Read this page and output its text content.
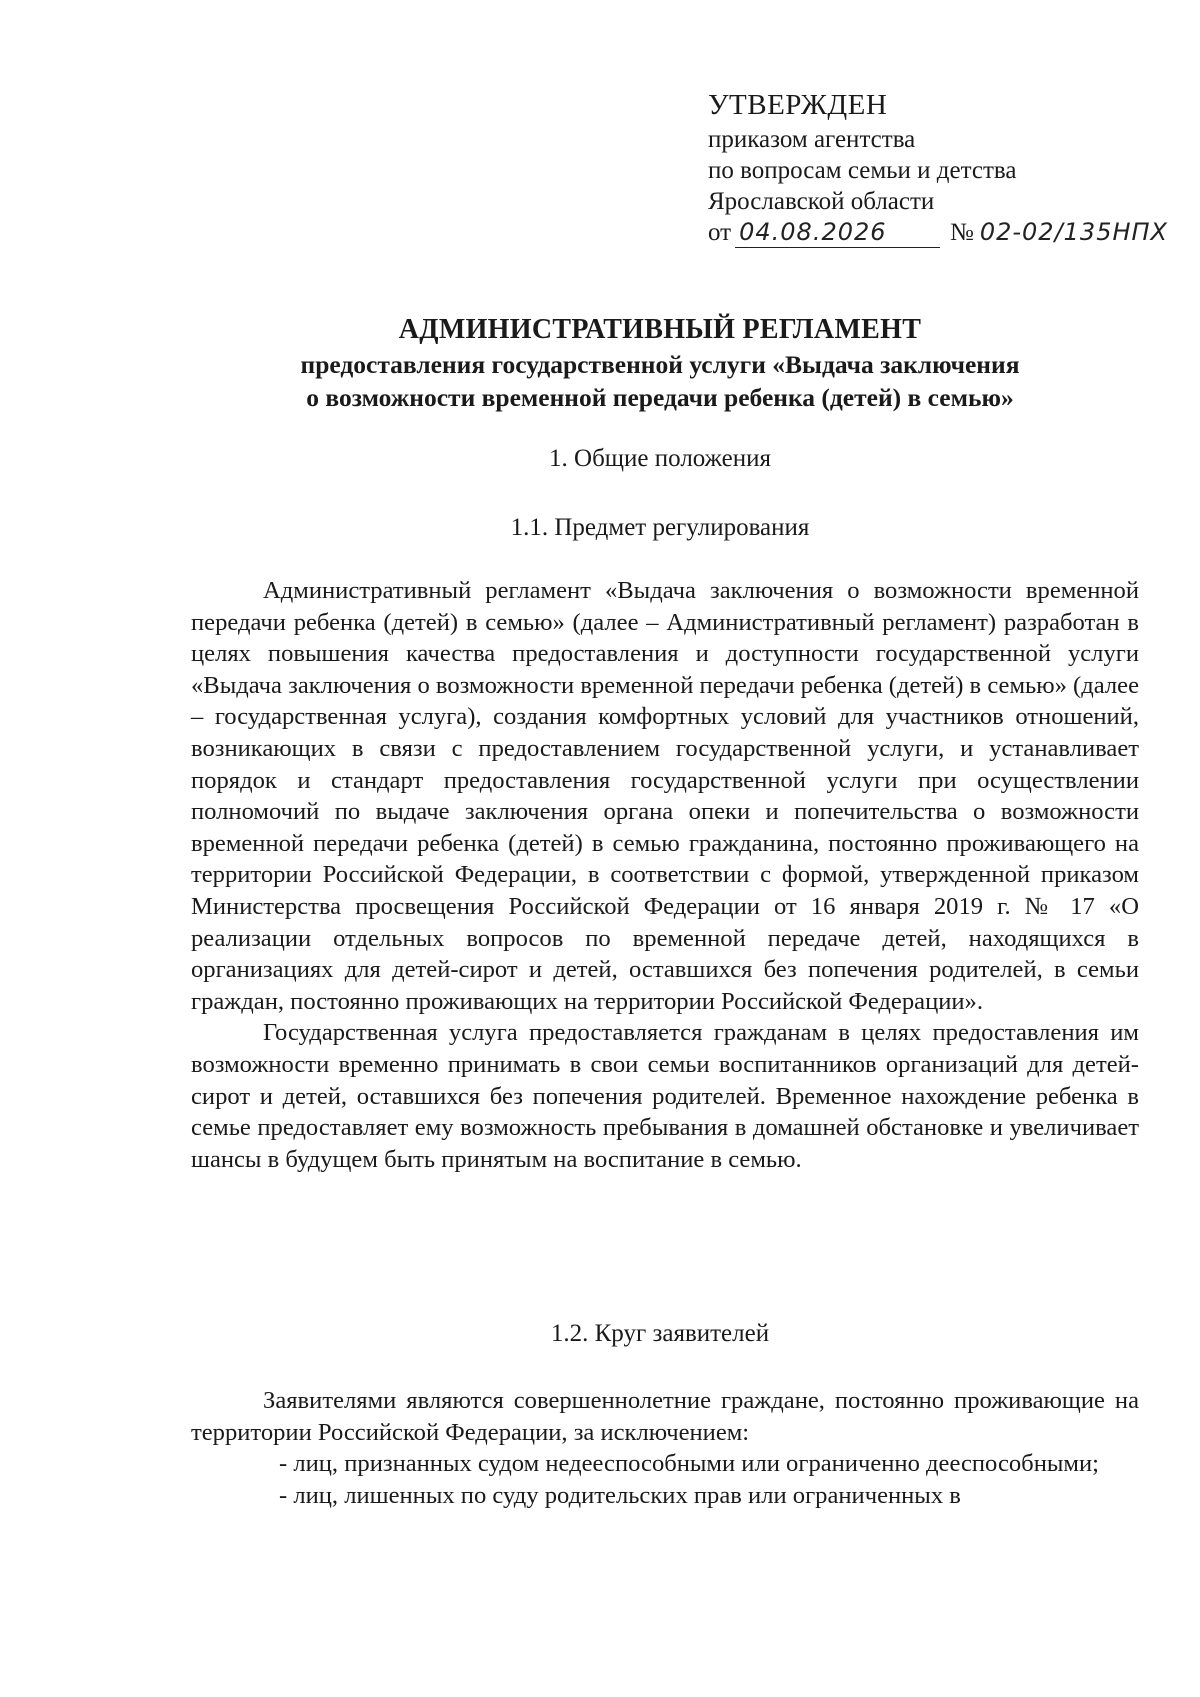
УТВЕРЖДЕН
приказом агентства
по вопросам семьи и детства
Ярославской области
от 04.08.2026	№ 02-02/135НПХ
АДМИНИСТРАТИВНЫЙ РЕГЛАМЕНТ
предоставления государственной услуги «Выдача заключения
о возможности временной передачи ребенка (детей) в семью»
1. Общие положения
1.1. Предмет регулирования

Административный регламент «Выдача заключения о возможности временной передачи ребенка (детей) в семью» (далее – Административный регламент) разработан в целях повышения качества предоставления и доступности государственной услуги «Выдача заключения о возможности временной передачи ребенка (детей) в семью» (далее – государственная услуга), создания комфортных условий для участников отношений, возникающих в связи с предоставлением государственной услуги, и устанавливает порядок и стандарт предоставления государственной услуги при осуществлении полномочий по выдаче заключения органа опеки и попечительства о возможности временной передачи ребенка (детей) в семью гражданина, постоянно проживающего на территории Российской Федерации, в соответствии с формой, утвержденной приказом Министерства просвещения Российской Федерации от 16 января 2019 г. № 17 «О реализации отдельных вопросов по временной передаче детей, находящихся в организациях для детей-сирот и детей, оставшихся без попечения родителей, в семьи граждан, постоянно проживающих на территории Российской Федерации».

Государственная услуга предоставляется гражданам в целях предоставления им возможности временно принимать в свои семьи воспитанников организаций для детей-сирот и детей, оставшихся без попечения родителей. Временное нахождение ребенка в семье предоставляет ему возможность пребывания в домашней обстановке и увеличивает шансы в будущем быть принятым на воспитание в семью.

1.2. Круг заявителей

Заявителями являются совершеннолетние граждане, постоянно проживающие на территории Российской Федерации, за исключением:

- лиц, признанных судом недееспособными или ограниченно дееспособными;

- лиц, лишенных по суду родительских прав или ограниченных в
